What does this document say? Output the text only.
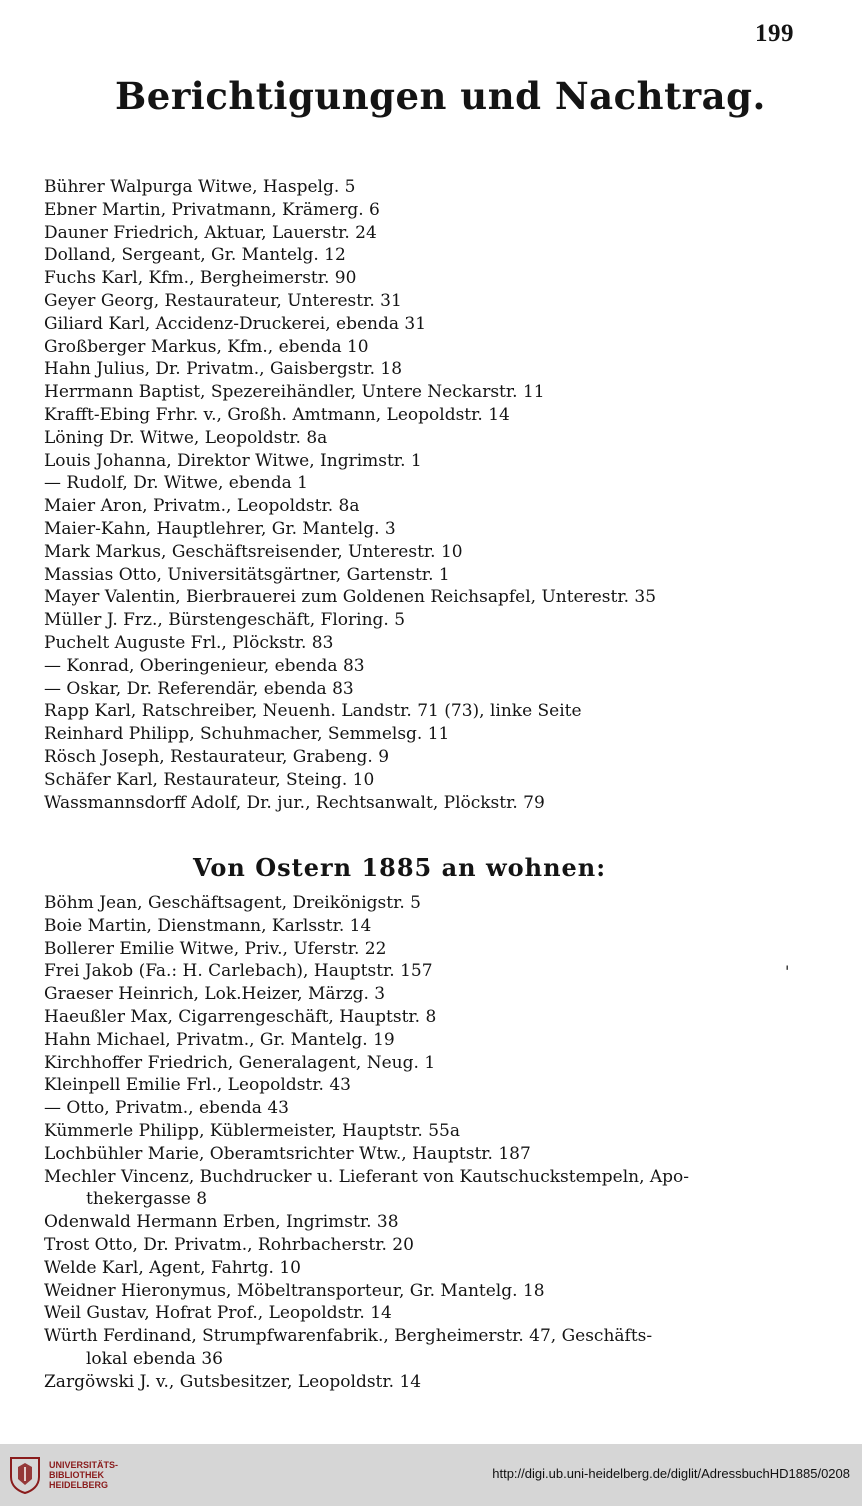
199
Berichtigungen und Nachtrag.
Bührer Walpurga Witwe, Haspelg. 5
Ebner Martin, Privatmann, Krämerg. 6
Dauner Friedrich, Aktuar, Lauerstr. 24
Dolland, Sergeant, Gr. Mantelg. 12
Fuchs Karl, Kfm., Bergheimerstr. 90
Geyer Georg, Restaurateur, Unterestr. 31
Giliard Karl, Accidenz-Druckerei, ebenda 31
Großberger Markus, Kfm., ebenda 10
Hahn Julius, Dr. Privatm., Gaisbergstr. 18
Herrmann Baptist, Spezereihändler, Untere Neckarstr. 11
Krafft-Ebing Frhr. v., Großh. Amtmann, Leopoldstr. 14
Löning Dr. Witwe, Leopoldstr. 8a
Louis Johanna, Direktor Witwe, Ingrimstr. 1
— Rudolf, Dr. Witwe, ebenda 1
Maier Aron, Privatm., Leopoldstr. 8a
Maier-Kahn, Hauptlehrer, Gr. Mantelg. 3
Mark Markus, Geschäftsreisender, Unterestr. 10
Massias Otto, Universitätsgärtner, Gartenstr. 1
Mayer Valentin, Bierbrauerei zum Goldenen Reichsapfel, Unterestr. 35
Müller J. Frz., Bürstengeschäft, Floring. 5
Puchelt Auguste Frl., Plöckstr. 83
— Konrad, Oberingenieur, ebenda 83
— Oskar, Dr. Referendär, ebenda 83
Rapp Karl, Ratschreiber, Neuenh. Landstr. 71 (73), linke Seite
Reinhard Philipp, Schuhmacher, Semmelsg. 11
Rösch Joseph, Restaurateur, Grabeng. 9
Schäfer Karl, Restaurateur, Steing. 10
Wassmannsdorff Adolf, Dr. jur., Rechtsanwalt, Plöckstr. 79
Von Ostern 1885 an wohnen:
Böhm Jean, Geschäftsagent, Dreikönigstr. 5
Boie Martin, Dienstmann, Karlsstr. 14
Bollerer Emilie Witwe, Priv., Uferstr. 22
Frei Jakob (Fa.: H. Carlebach), Hauptstr. 157
Graeser Heinrich, Lok.Heizer, Märzg. 3
Haeußler Max, Cigarrengeschäft, Hauptstr. 8
Hahn Michael, Privatm., Gr. Mantelg. 19
Kirchhoffer Friedrich, Generalagent, Neug. 1
Kleinpell Emilie Frl., Leopoldstr. 43
— Otto, Privatm., ebenda 43
Kümmerle Philipp, Küblermeister, Hauptstr. 55a
Lochbühler Marie, Oberamtsrichter Wtw., Hauptstr. 187
Mechler Vincenz, Buchdrucker u. Lieferant von Kautschuckstempeln, Apo-
thekergasse 8
Odenwald Hermann Erben, Ingrimstr. 38
Trost Otto, Dr. Privatm., Rohrbacherstr. 20
Welde Karl, Agent, Fahrtg. 10
Weidner Hieronymus, Möbeltransporteur, Gr. Mantelg. 18
Weil Gustav, Hofrat Prof., Leopoldstr. 14
Würth Ferdinand, Strumpfwarenfabrik., Bergheimerstr. 47, Geschäfts-
lokal ebenda 36
Zargöwski J. v., Gutsbesitzer, Leopoldstr. 14
'
UNIVERSITÄTS-
BIBLIOTHEK
HEIDELBERG
http://digi.ub.uni-heidelberg.de/diglit/AdressbuchHD1885/0208
